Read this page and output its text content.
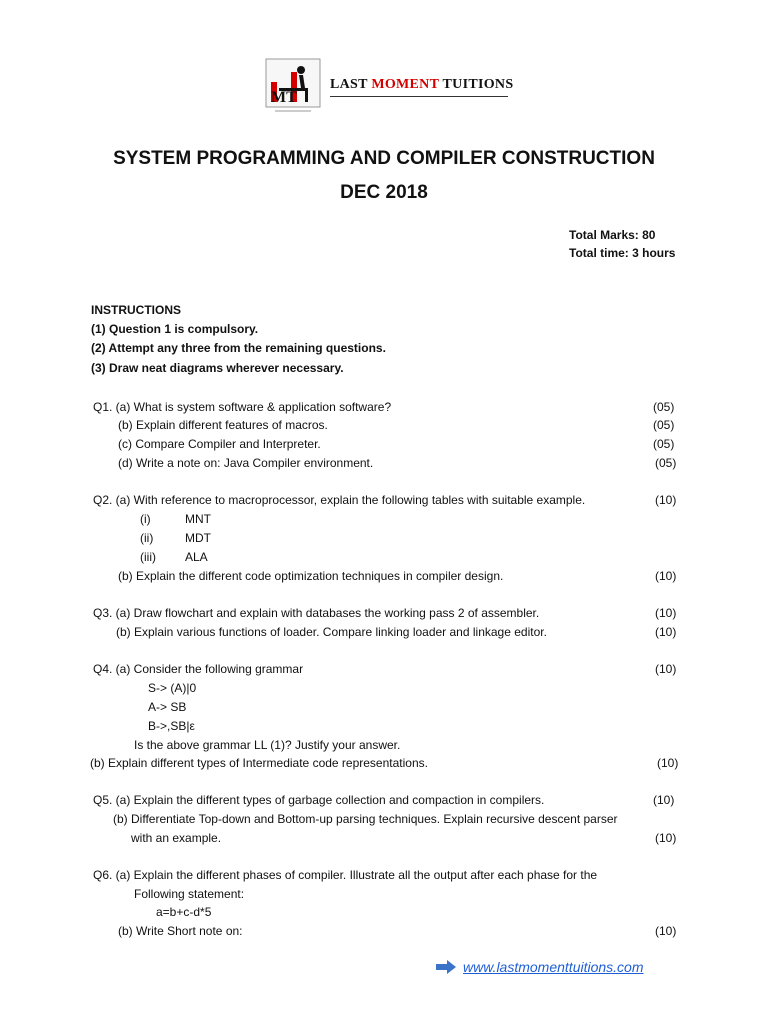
MT
LAST MOMENT TUITIONS
SYSTEM PROGRAMMING AND COMPILER CONSTRUCTION
DEC 2018
Total Marks: 80
Total time: 3 hours
INSTRUCTIONS
(1) Question 1 is compulsory.
(2) Attempt any three from the remaining questions.
(3) Draw neat diagrams wherever necessary.
Q1. (a) What is system software & application software?	(05)
(b) Explain different features of macros.	(05)
(c) Compare Compiler and Interpreter.	(05)
(d) Write a note on: Java Compiler environment.	(05)
Q2. (a) With reference to macroprocessor, explain the following tables with suitable example.	(10)
(i)	MNT
(ii)	MDT
(iii) ALA
(b) Explain the different code optimization techniques in compiler design.	(10)
Q3. (a) Draw flowchart and explain with databases the working pass 2 of assembler.	(10)
(b) Explain various functions of loader. Compare linking loader and linkage editor.	(10)
Q4. (a) Consider the following grammar	(10)
S-> (A)|0
A-> SB
B->,SB|ε
Is the above grammar LL (1)? Justify your answer.
(b) Explain different types of Intermediate code representations.	(10)
Q5. (a) Explain the different types of garbage collection and compaction in compilers.	(10)
(b) Differentiate Top-down and Bottom-up parsing techniques. Explain recursive descent parser
with an example.	(10)
Q6. (a) Explain the different phases of compiler. Illustrate all the output after each phase for the
Following statement:
a=b+c-d*5
(b) Write Short note on:	(10)
www.lastmomenttuitions.com
